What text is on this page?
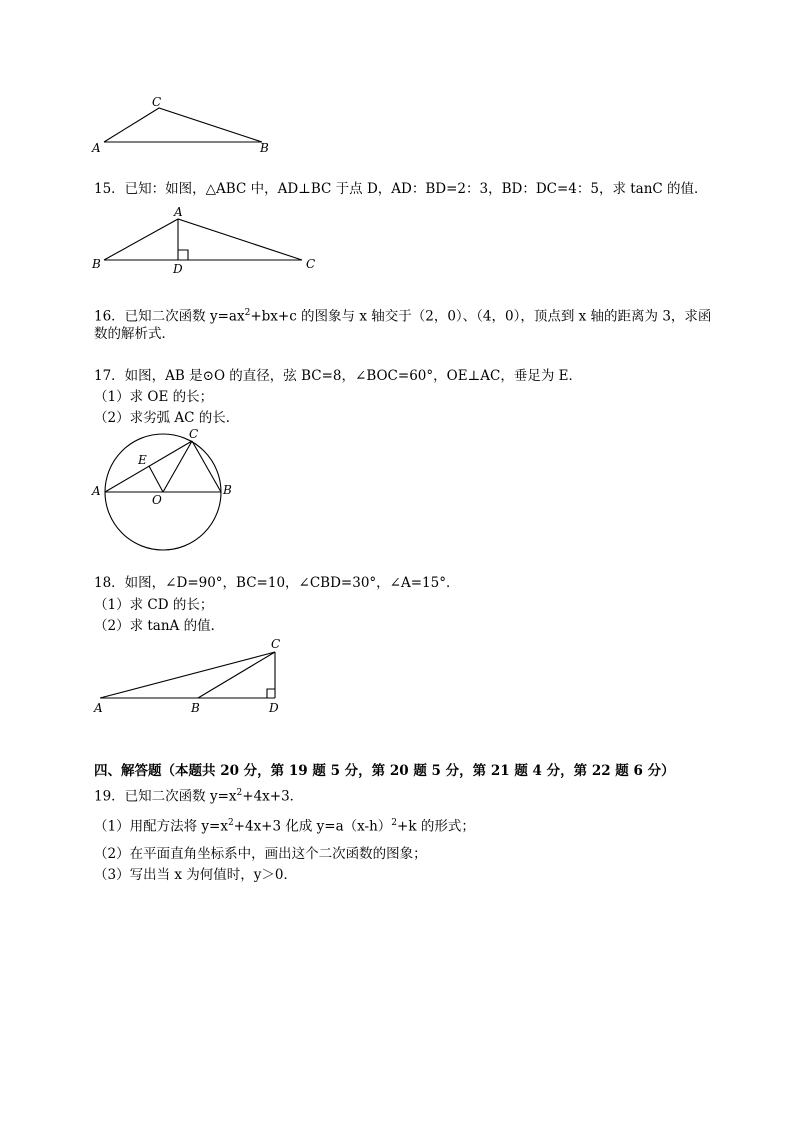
C
A	B
15．已知：如图，△ABC 中，AD⊥BC 于点 D，AD：BD=2：3，BD：DC=4：5，求 tanC 的值．
A
B	D	C
16．已知二次函数 $y=ax^2+bx+c$ 的图象与 x 轴交于（2，0）、（4，0），顶点到 x 轴的距离为 3，求函
数的解析式．
17．如图，AB 是⊙O 的直径，弦 BC=8，∠BOC=60°，OE⊥AC，垂足为 E．
（1）求 OE 的长；
（2）求劣弧 AC 的长．
C
E
A	B
O
18．如图，∠D=90°，BC=10，∠CBD=30°，∠A=15°．
（1）求 CD 的长；
（2）求 tanA 的值．
C
A	B	D
四、解答题（本题共 20 分，第 19 题 5 分，第 20 题 5 分，第 21 题 4 分，第 22 题 6 分）
19．已知二次函数 $y=x^2+4x+3$．
（1）用配方法将 $y=x^2+4x+3$ 化成 $y=a(x-h)^2+k$ 的形式；
（2）在平面直角坐标系中，画出这个二次函数的图象；
（3）写出当 x 为何值时，y＞0．
